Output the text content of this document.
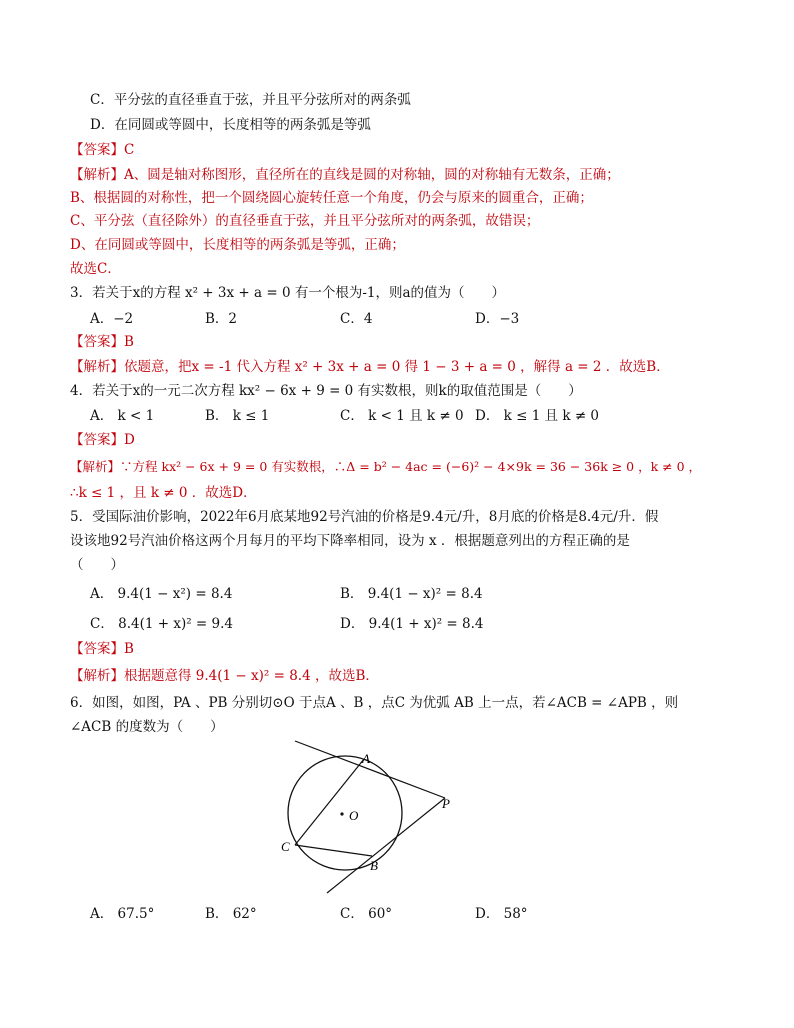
C．平分弦的直径垂直于弦，并且平分弦所对的两条弧
D．在同圆或等圆中，长度相等的两条弧是等弧
【答案】C
【解析】A、圆是轴对称图形，直径所在的直线是圆的对称轴，圆的对称轴有无数条，正确；
B、根据圆的对称性，把一个圆绕圆心旋转任意一个角度，仍会与原来的圆重合，正确；
C、平分弦（直径除外）的直径垂直于弦，并且平分弦所对的两条弧，故错误；
D、在同圆或等圆中，长度相等的两条弧是等弧，正确；
故选C．
3．若关于x的方程 x² + 3x + a = 0 有一个根为-1，则a的值为（　　）
A．−2	B．2	C．4	D．−3
【答案】B
【解析】依题意，把x = -1 代入方程 x² + 3x + a = 0 得 1 − 3 + a = 0 ，解得 a = 2 ．故选B．
4．若关于x的一元二次方程 kx² − 6x + 9 = 0 有实数根，则k的取值范围是（　　）
A． k < 1	B． k ≤ 1	C． k < 1 且 k ≠ 0 D． k ≤ 1 且 k ≠ 0
【答案】D
【解析】∵方程 kx² − 6x + 9 = 0 有实数根，∴Δ = b² − 4ac = (−6)² − 4×9k = 36 − 36k ≥ 0 ，k ≠ 0 ，
∴k ≤ 1 ，且 k ≠ 0 ．故选D．
5．受国际油价影响，2022年6月底某地92号汽油的价格是9.4元/升，8月底的价格是8.4元/升．假
设该地92号汽油价格这两个月每月的平均下降率相同，设为 x ．根据题意列出的方程正确的是
（　　）
A． 9.4(1 − x²) = 8.4	B． 9.4(1 − x)² = 8.4
C． 8.4(1 + x)² = 9.4	D． 9.4(1 + x)² = 8.4
【答案】B
【解析】根据题意得 9.4(1 − x)² = 8.4 ，故选B．
6．如图，如图，PA 、PB 分别切⊙O 于点A 、B ，点C 为优弧 AB 上一点，若∠ACB = ∠APB ，则
∠ACB 的度数为（　　）
A
P
O
C
B
A． 67.5°	B． 62°	C． 60°	D． 58°
